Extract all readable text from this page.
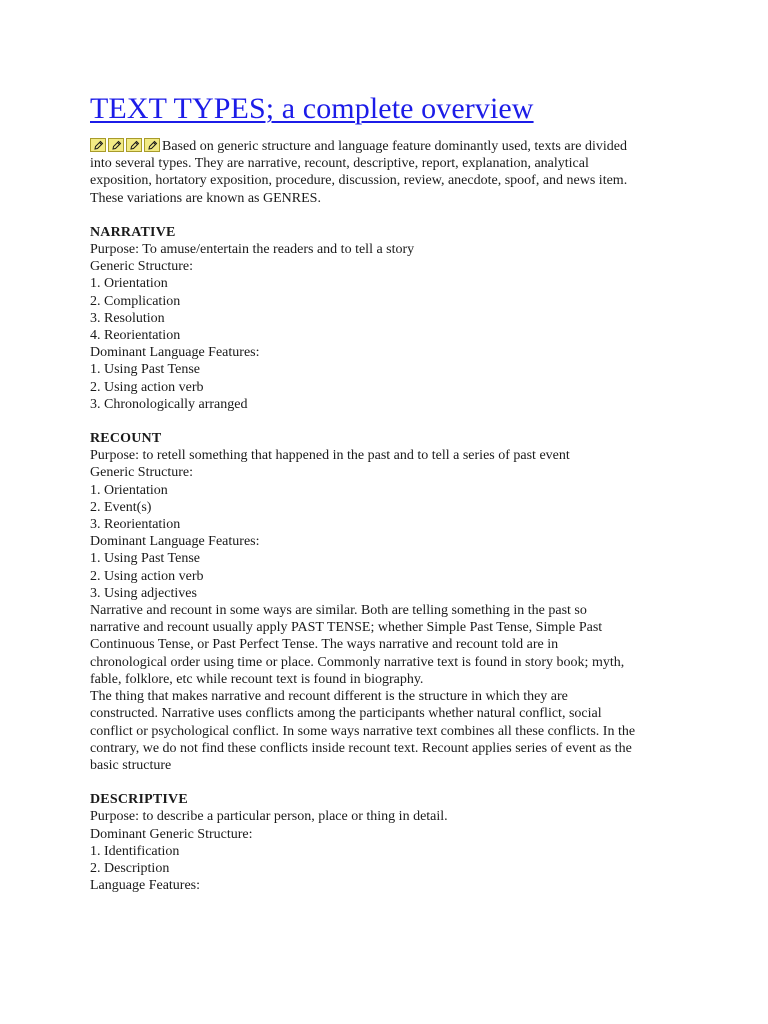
TEXT TYPES; a complete overview

Based on generic structure and language feature dominantly used, texts are divided
into several types. They are narrative, recount, descriptive, report, explanation, analytical
exposition, hortatory exposition, procedure, discussion, review, anecdote, spoof, and news item.
These variations are known as GENRES.

NARRATIVE
Purpose: To amuse/entertain the readers and to tell a story
Generic Structure:
1. Orientation
2. Complication
3. Resolution
4. Reorientation
Dominant Language Features:
1. Using Past Tense
2. Using action verb
3. Chronologically arranged
RECOUNT
Purpose: to retell something that happened in the past and to tell a series of past event
Generic Structure:
1. Orientation
2. Event(s)
3. Reorientation
Dominant Language Features:
1. Using Past Tense
2. Using action verb
3. Using adjectives
Narrative and recount in some ways are similar. Both are telling something in the past so
narrative and recount usually apply PAST TENSE; whether Simple Past Tense, Simple Past
Continuous Tense, or Past Perfect Tense. The ways narrative and recount told are in
chronological order using time or place. Commonly narrative text is found in story book; myth,
fable, folklore, etc while recount text is found in biography.
The thing that makes narrative and recount different is the structure in which they are
constructed. Narrative uses conflicts among the participants whether natural conflict, social
conflict or psychological conflict. In some ways narrative text combines all these conflicts. In the
contrary, we do not find these conflicts inside recount text. Recount applies series of event as the
basic structure
DESCRIPTIVE
Purpose: to describe a particular person, place or thing in detail.
Dominant Generic Structure:
1. Identification
2. Description
Language Features:
